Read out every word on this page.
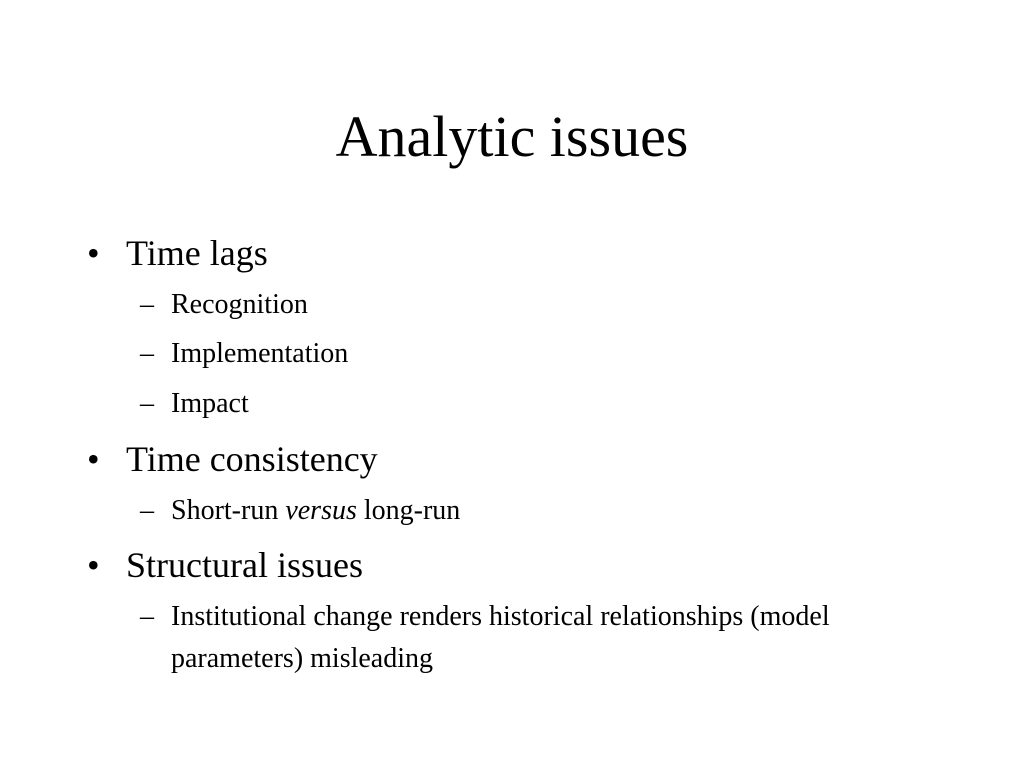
Analytic issues
• Time lags
– Recognition
– Implementation
– Impact
• Time consistency
– Short-run versus long-run
• Structural issues
– Institutional change renders historical relationships (model parameters) misleading
